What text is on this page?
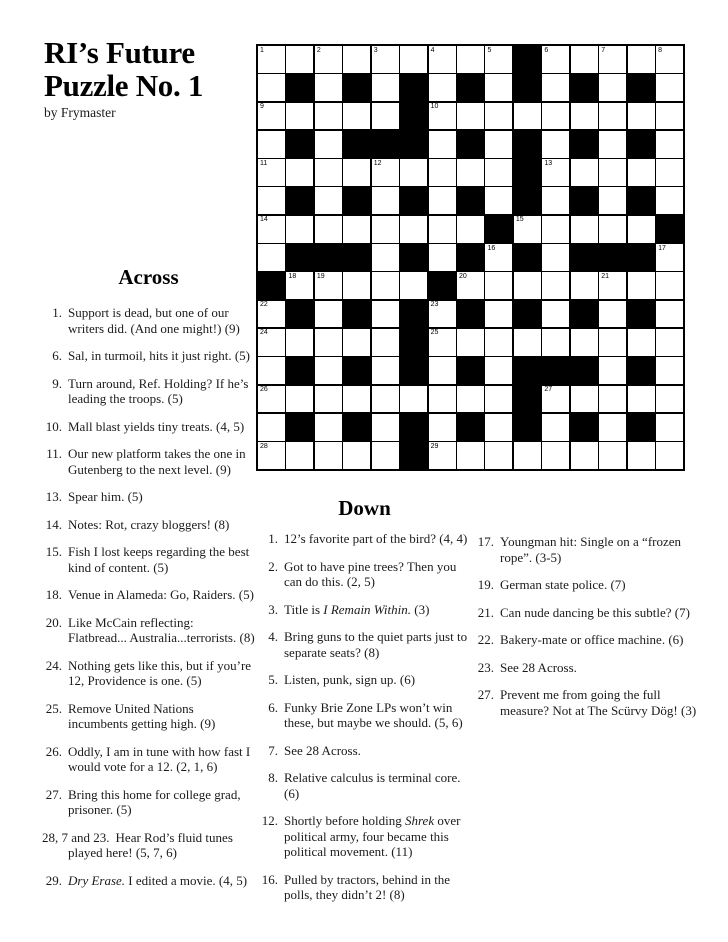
RI’s Future
Puzzle No. 1
by Frymaster
1	2	3	4	5	6	7	8
9	10
11	12	13
14	15
16	17
18	19	20	21
22	23
24	25
26	27
28	29
Across
1. Support is dead, but one of our writers did. (And one might!) (9)
6. Sal, in turmoil, hits it just right. (5)
9. Turn around, Ref. Holding? If he’s leading the troops. (5)
10. Mall blast yields tiny treats. (4, 5)
11. Our new platform takes the one in Gutenberg to the next level. (9)
13. Spear him. (5)
14. Notes: Rot, crazy bloggers! (8)
15. Fish I lost keeps regarding the best kind of content. (5)
18. Venue in Alameda: Go, Raiders. (5)
20. Like McCain reflecting: Flatbread... Australia...terrorists. (8)
24. Nothing gets like this, but if you’re 12, Providence is one. (5)
25. Remove United Nations incumbents getting high. (9)
26. Oddly, I am in tune with how fast I would vote for a 12. (2, 1, 6)
27. Bring this home for college grad, prisoner. (5)
28, 7 and 23. Hear Rod’s fluid tunes played here! (5, 7, 6)
29. Dry Erase. I edited a movie. (4, 5)
Down
1. 12’s favorite part of the bird? (4, 4)
2. Got to have pine trees? Then you can do this. (2, 5)
3. Title is I Remain Within. (3)
4. Bring guns to the quiet parts just to separate seats? (8)
5. Listen, punk, sign up. (6)
6. Funky Brie Zone LPs won’t win these, but maybe we should. (5, 6)
7. See 28 Across.
8. Relative calculus is terminal core. (6)
12. Shortly before holding Shrek over political army, four became this political movement. (11)
16. Pulled by tractors, behind in the polls, they didn’t 2! (8)
17. Youngman hit: Single on a “frozen rope”. (3-5)
19. German state police. (7)
21. Can nude dancing be this subtle? (7)
22. Bakery-mate or office machine. (6)
23. See 28 Across.
27. Prevent me from going the full measure? Not at The Scürvy Dög! (3)
